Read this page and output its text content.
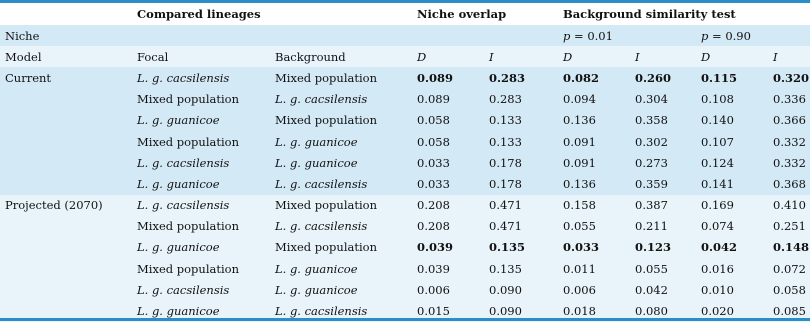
	Compared lineages		Niche overlap		Background similarity test			
Niche					p = 0.01		p = 0.90	
Model	Focal	Background	D	I	D	I	D	I
Current	L. g. cacsilensis	Mixed population	0.089	0.283	0.082	0.260	0.115	0.320
	Mixed population	L. g. cacsilensis	0.089	0.283	0.094	0.304	0.108	0.336
	L. g. guanicoe	Mixed population	0.058	0.133	0.136	0.358	0.140	0.366
	Mixed population	L. g. guanicoe	0.058	0.133	0.091	0.302	0.107	0.332
	L. g. cacsilensis	L. g. guanicoe	0.033	0.178	0.091	0.273	0.124	0.332
	L. g. guanicoe	L. g. cacsilensis	0.033	0.178	0.136	0.359	0.141	0.368
Projected (2070)	L. g. cacsilensis	Mixed population	0.208	0.471	0.158	0.387	0.169	0.410
	Mixed population	L. g. cacsilensis	0.208	0.471	0.055	0.211	0.074	0.251
	L. g. guanicoe	Mixed population	0.039	0.135	0.033	0.123	0.042	0.148
	Mixed population	L. g. guanicoe	0.039	0.135	0.011	0.055	0.016	0.072
	L. g. cacsilensis	L. g. guanicoe	0.006	0.090	0.006	0.042	0.010	0.058
	L. g. guanicoe	L. g. cacsilensis	0.015	0.090	0.018	0.080	0.020	0.085
